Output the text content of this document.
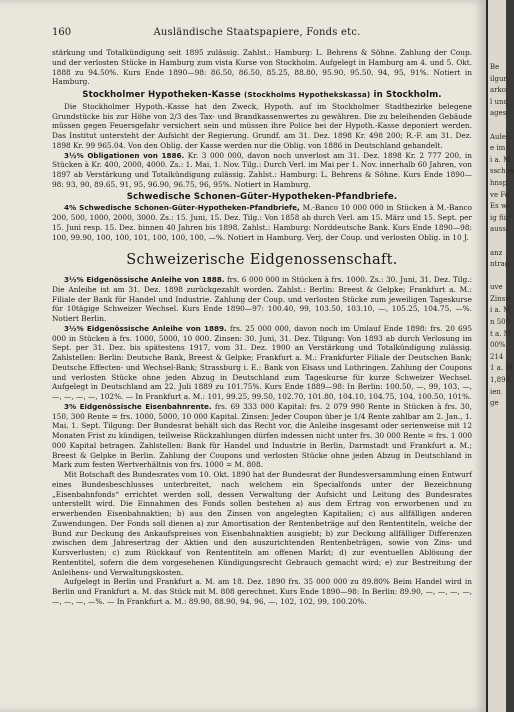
160	Ausländische Staatspapiere, Fonds etc.

stärkung und Totalkündigung seit 1895 zulässig. Zahlst.: Hamburg: L. Behrens & Söhne. Zahlung der Coup. und der verlosten Stücke in Hamburg zum vista Kurse von Stockholm. Aufgelegt in Hamburg am 4. und 5. Okt. 1888 zu 94.50%. Kurs Ende 1890—98: 86.50, 86.50, 85.25, 88.80, 95.90, 95.50, 94, 95, 91%. Notiert in Hamburg.

Stockholmer Hypotheken-Kasse (Stockholms Hypothekskassa) in Stockholm.

Die Stockholmer Hypoth.-Kasse hat den Zweck, Hypoth. auf im Stockholmer Stadtbezirke belegene Grundstücke bis zur Höhe von 2/3 des Tax- und Brandkassenwertes zu gewähren. Die zu beleihenden Gebäude müssen gegen Feuersgefahr versichert sein und müssen ihre Police bei der Hypoth.-Kasse deponiert werden. Das Institut untersteht der Aufsicht der Regierung. Grundf. am 31. Dez. 1898 Kr. 498 200; R.-F. am 31. Dez. 1898 Kr. 99 965.04. Von den Oblig. der Kasse werden nur die Oblig. von 1886 in Deutschland gehandelt.

3½% Obligationen von 1886. Kr. 3 000 000, davon noch unverlost am 31. Dez. 1898 Kr. 2 777 200, in Stücken à Kr. 400, 2000, 4000. Zs.: 1. Mai, 1. Nov. Tilg.: Durch Verl. im Mai per 1. Nov. innerhalb 60 Jahren, von 1897 ab Verstärkung und Totalkündigung zulässig. Zahlst.: Hamburg: L. Behrens & Söhne. Kurs Ende 1890—98: 93, 90, 89.65, 91, 95, 96.90, 96.75, 96, 95%. Notiert in Hamburg.

Schwedische Schonen-Güter-Hypotheken-Pfandbriefe.

4% Schwedische Schonen-Güter-Hypotheken-Pfandbriefe, M.-Banco 10 000 000 in Stücken à M.-Banco 200, 500, 1000, 2000, 3000. Zs.: 15. Juni, 15. Dez. Tilg.: Von 1858 ab durch Verl. am 15. März und 15. Sept. per 15. Juni resp. 15. Dez. binnen 40 Jahren bis 1898. Zahlst.: Hamburg: Norddeutsche Bank. Kurs Ende 1890—98: 100, 99.90, 100, 100, 101, 100, 100, 100, —%. Notiert in Hamburg. Verj. der Coup. und verlosten Oblig. in 10 J.

Schweizerische Eidgenossenschaft.

3½% Eidgenössische Anleihe von 1888. frs. 6 000 000 in Stücken à frs. 1000. Zs.: 30. Juni, 31. Dez. Tilg.: Die Anleihe ist am 31. Dez. 1898 zurückgezahlt worden. Zahlst.: Berlin: Breest & Gelpke; Frankfurt a. M.: Filiale der Bank für Handel und Industrie. Zahlung der Coup. und verlosten Stücke zum jeweiligen Tageskurse für 10tägige Schweizer Wechsel. Kurs Ende 1890—97: 100.40, 99, 103.50, 103.10, —, 105.25, 104.75, —%. Notiert Berlin.

3½% Eidgenössische Anleihe von 1889. frs. 25 000 000, davon noch im Umlauf Ende 1898: frs. 20 695 000 in Stücken à frs. 1000, 5000, 10 000. Zinsen: 30. Juni, 31. Dez. Tilgung: Von 1893 ab durch Verlosung im Sept. per 31. Dez. bis spätestens 1917, vom 31. Dez. 1900 an Verstärkung und Totalkündigung zulässig. Zahlstellen: Berlin: Deutsche Bank, Breest & Gelpke; Frankfurt a. M.: Frankfurter Filiale der Deutschen Bank; Deutsche Effecten- und Wechsel-Bank; Strassburg i. E.: Bank von Elsass und Lothringen. Zahlung der Coupons und verlosten Stücke ohne jeden Abzug in Deutschland zum Tageskurse für kurze Schweizer Wechsel. Aufgelegt in Deutschland am 22. Juli 1889 zu 101.75%. Kurs Ende 1889—98: In Berlin: 100.50, —, 99, 103, —, —, —, —, —, 102%. — In Frankfurt a. M.: 101, 99.25, 99.50, 102.70, 101.80, 104.10, 104.75, 104, 100.50, 101%.

3% Eidgenössische Eisenbahnrente. frs. 69 333 000 Kapital: frs. 2 079 990 Rente in Stücken à frs. 30, 150, 300 Rente = frs. 1000, 5000, 10 000 Kapital. Zinsen: Jeder Coupon über je 1/4 Rente zahlbar am 2. Jan., 1. Mai, 1. Sept. Tilgung: Der Bundesrat behält sich das Recht vor, die Anleihe insgesamt oder serienweise mit 12 Monaten Frist zu kündigen, teilweise Rückzahlungen dürfen indessen nicht unter frs. 30 000 Rente = frs. 1 000 000 Kapital betragen. Zahlstellen: Bank für Handel und Industrie in Berlin, Darmstadt und Frankfurt a. M.; Breest & Gelpke in Berlin. Zahlung der Coupons und verlosten Stücke ohne jeden Abzug in Deutschland in Mark zum festen Wertverhältnis von frs. 1000 = M. 808.

Mit Botschaft des Bundesrates vom 10. Okt. 1890 hat der Bundesrat der Bundesversammlung einen Entwurf eines Bundesbeschlusses unterbreitet, nach welchem ein Specialfonds unter der Bezeichnung „Eisenbahnfonds“ errichtet werden soll, dessen Verwaltung der Aufsicht und Leitung des Bundesrates unterstellt wird. Die Einnahmen des Fonds sollen bestehen a) aus dem Ertrag von erworbenen und zu erwerbenden Eisenbahnaktien; b) aus den Zinsen von angelegten Kapitalien; c) aus allfälligen anderen Zuwendungen. Der Fonds soll dienen a) zur Amortisation der Rentenbeträge auf den Rententiteln, welche der Bund zur Deckung des Ankaufspreises von Eisenbahnaktien ausgiebt; b) zur Deckung allfälliger Differenzen zwischen dem Jahresertrag der Aktien und den auszurichtenden Rentenbeträgen, sowie von Zins- und Kursverlusten; c) zum Rückkauf von Rententiteln am offenen Markt; d) zur eventuellen Ablösung der Rententitel, sofern die dem vorgesehenen Kündigungsrecht Gebrauch gemacht wird; e) zur Bestreitung der Anleihens- und Verwaltungskosten.

Aufgelegt in Berlin und Frankfurt a. M. am 18. Dez. 1890 frs. 35 000 000 zu 89.80% Beim Handel wird in Berlin und Frankfurt a. M. das Stück mit M. 808 gerechnet. Kurs Ende 1890—98: In Berlin: 89.90, —, —, —, —, —, —, —, —%. — In Frankfurt a. M.: 89.90, 88.90, 94, 96, —, 102, 102, 99, 100.20%.

Be
ilgun
arko
l und
ages

Aulei
e im
i a. M
sschen
hnsp
ve Fo
Es we
ig für
aussi

anz
ntrag

uve
Zinsw
i a. M
n 500
t a. M
00%
214
1 a. M
1,890
ien
ge
